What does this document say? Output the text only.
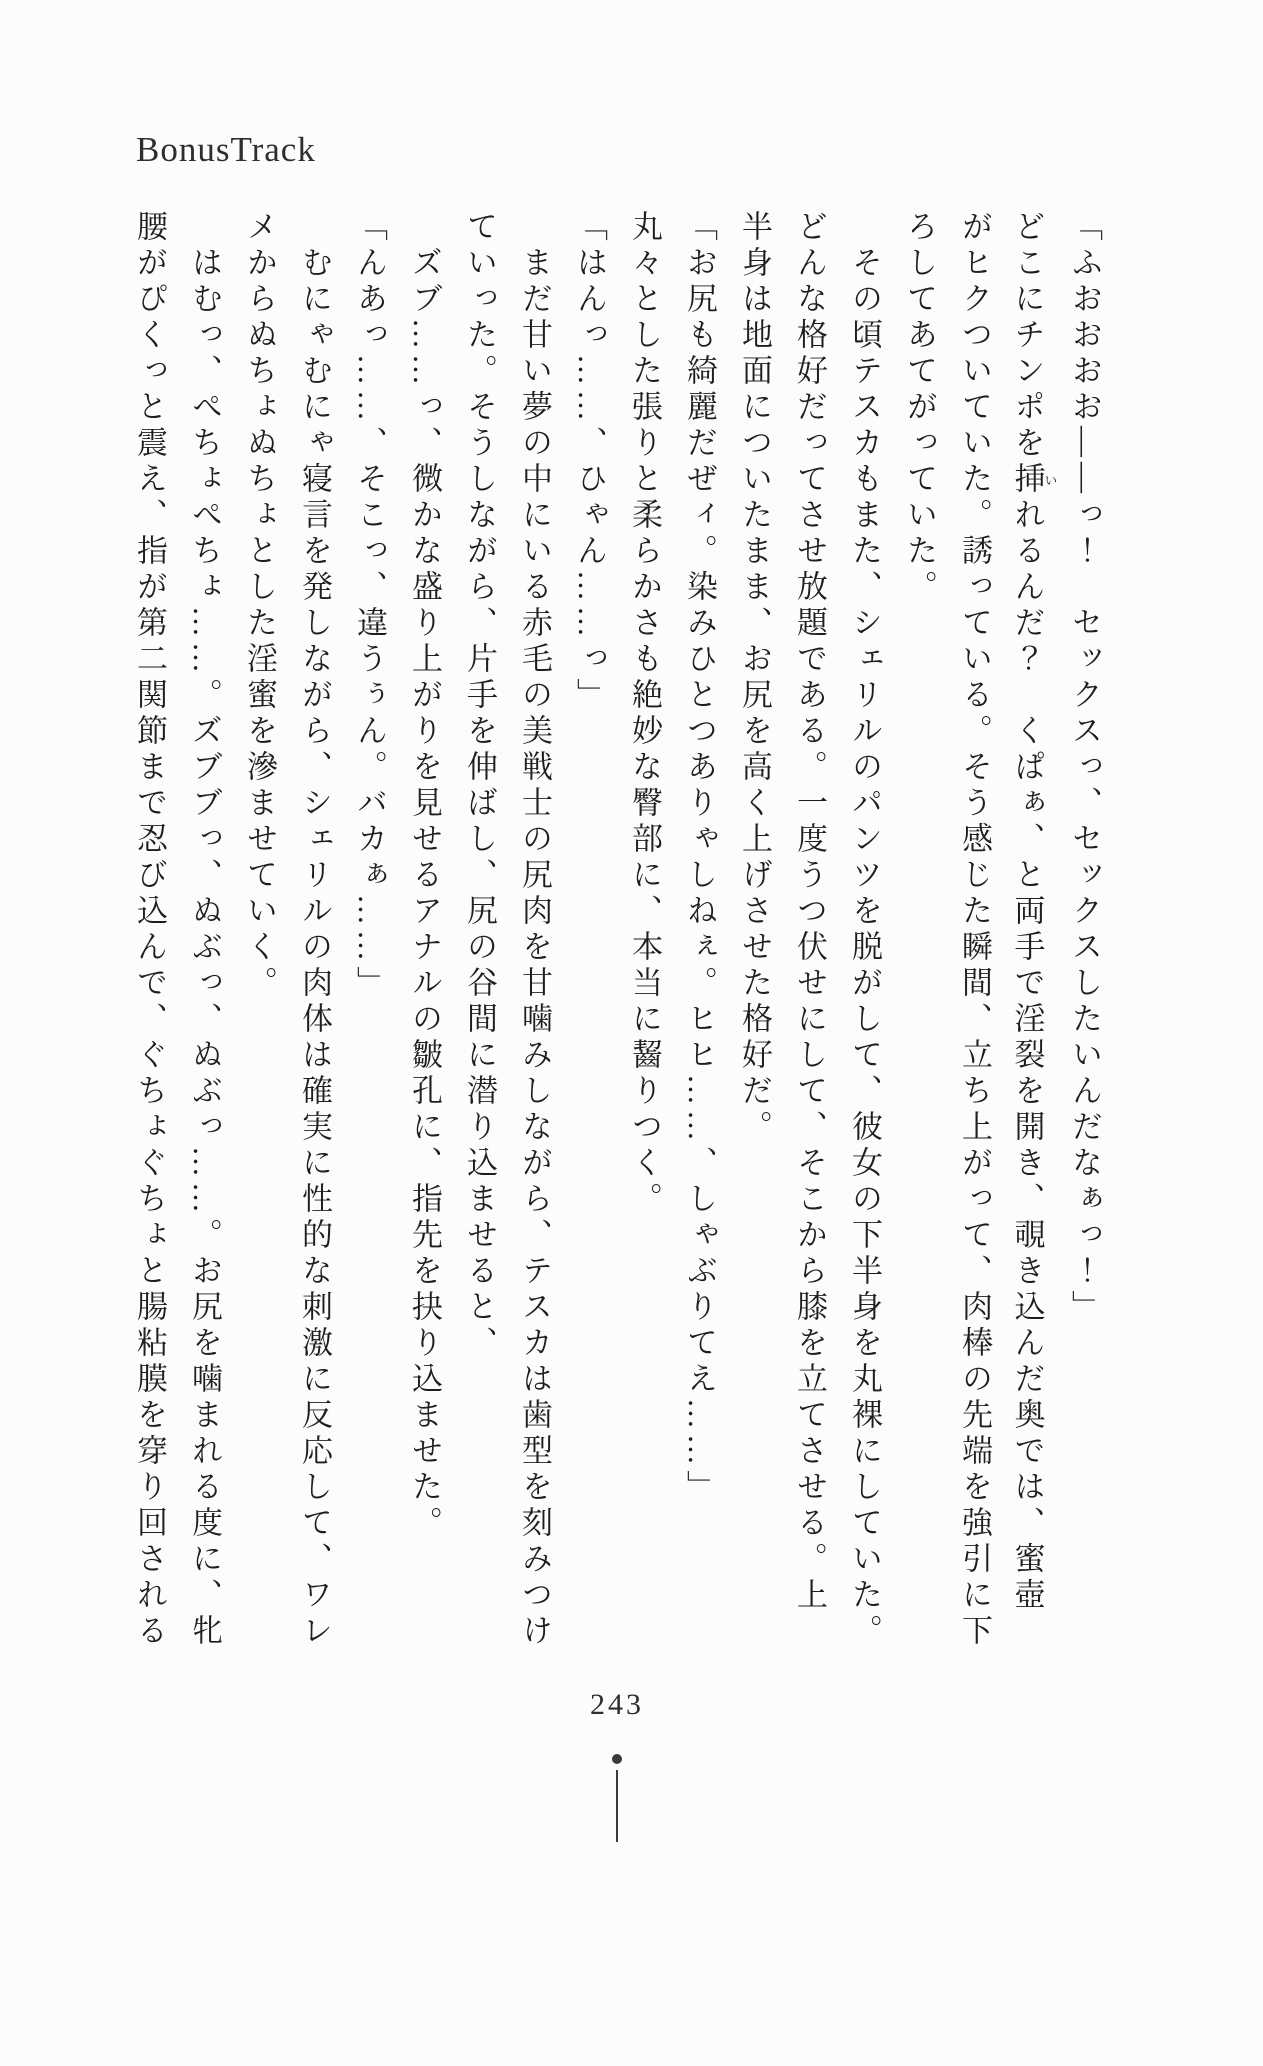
BonusTrack
「ふおおおお――っ！　セックスっ、セックスしたいんだなぁっ！」
どこにチンポを挿いれるんだ？　くぱぁ、と両手で淫裂を開き、覗き込んだ奥では、蜜壺
がヒクついていた。誘っている。そう感じた瞬間、立ち上がって、肉棒の先端を強引に下
ろしてあてがっていた。
　その頃テスカもまた、シェリルのパンツを脱がして、彼女の下半身を丸裸にしていた。
どんな格好だってさせ放題である。一度うつ伏せにして、そこから膝を立てさせる。上
半身は地面についたまま、お尻を高く上げさせた格好だ。
「お尻も綺麗だぜィ。染みひとつありゃしねぇ。ヒヒ……、しゃぶりてえ……」
丸々とした張りと柔らかさも絶妙な臀部に、本当に齧りつく。
「はんっ……、ひゃん……っ」
　まだ甘い夢の中にいる赤毛の美戦士の尻肉を甘噛みしながら、テスカは歯型を刻みつけ
ていった。そうしながら、片手を伸ばし、尻の谷間に潜り込ませると、
　ズブ……っ、微かな盛り上がりを見せるアナルの皺孔に、指先を抉り込ませた。
「んあっ……、そこっ、違うぅん。バカぁ……」
　むにゃむにゃ寝言を発しながら、シェリルの肉体は確実に性的な刺激に反応して、ワレ
メからぬちょぬちょとした淫蜜を滲ませていく。
　はむっ、ぺちょぺちょ……。ズブブっ、ぬぶっ、ぬぶっ……。お尻を噛まれる度に、牝
腰がぴくっと震え、指が第二関節まで忍び込んで、ぐちょぐちょと腸粘膜を穿り回される
243
